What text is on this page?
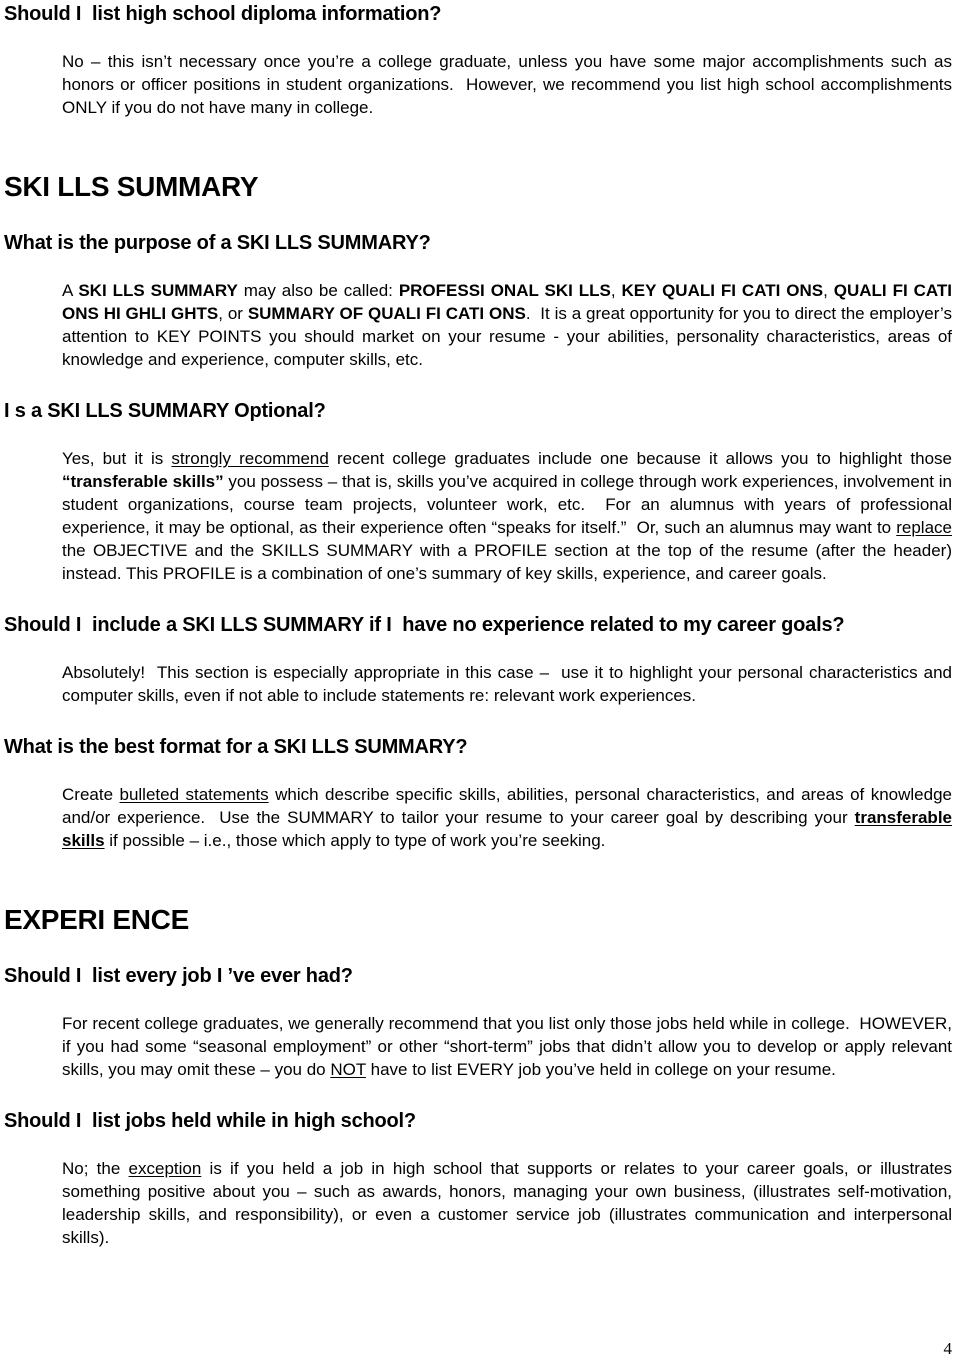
Should I  list high school diploma information?

No – this isn’t necessary once you’re a college graduate, unless you have some major accomplishments such as honors or officer positions in student organizations.  However, we recommend you list high school accomplishments ONLY if you do not have many in college.

SKI LLS SUMMARY
What is the purpose of a SKI LLS SUMMARY?

A SKI LLS SUMMARY may also be called: PROFESSI ONAL SKI LLS, KEY QUALI FI CATI ONS, QUALI FI CATI ONS HI GHLI GHTS, or SUMMARY OF QUALI FI CATI ONS.  It is a great opportunity for you to direct the employer’s attention to KEY POINTS you should market on your resume - your abilities, personality characteristics, areas of knowledge and experience, computer skills, etc.

I s a SKI LLS SUMMARY Optional?

Yes, but it is strongly recommend recent college graduates include one because it allows you to highlight those “transferable skills” you possess – that is, skills you’ve acquired in college through work experiences, involvement in student organizations, course team projects, volunteer work, etc.  For an alumnus with years of professional experience, it may be optional, as their experience often “speaks for itself.”  Or, such an alumnus may want to replace the OBJECTIVE and the SKILLS SUMMARY with a PROFILE section at the top of the resume (after the header) instead. This PROFILE is a combination of one’s summary of key skills, experience, and career goals.

Should I  include a SKI LLS SUMMARY if I  have no experience related to my career goals?

Absolutely!  This section is especially appropriate in this case –  use it to highlight your personal characteristics and computer skills, even if not able to include statements re: relevant work experiences.

What is the best format for a SKI LLS SUMMARY?

Create bulleted statements which describe specific skills, abilities, personal characteristics, and areas of knowledge and/or experience.  Use the SUMMARY to tailor your resume to your career goal by describing your transferable skills if possible – i.e., those which apply to type of work you’re seeking.

EXPERI ENCE
Should I  list every job I ’ve ever had?

For recent college graduates, we generally recommend that you list only those jobs held while in college.  HOWEVER, if you had some “seasonal employment” or other “short-term” jobs that didn’t allow you to develop or apply relevant skills, you may omit these – you do NOT have to list EVERY job you’ve held in college on your resume.

Should I  list jobs held while in high school?

No; the exception is if you held a job in high school that supports or relates to your career goals, or illustrates something positive about you – such as awards, honors, managing your own business, (illustrates self-motivation, leadership skills, and responsibility), or even a customer service job (illustrates communication and interpersonal skills).

4
